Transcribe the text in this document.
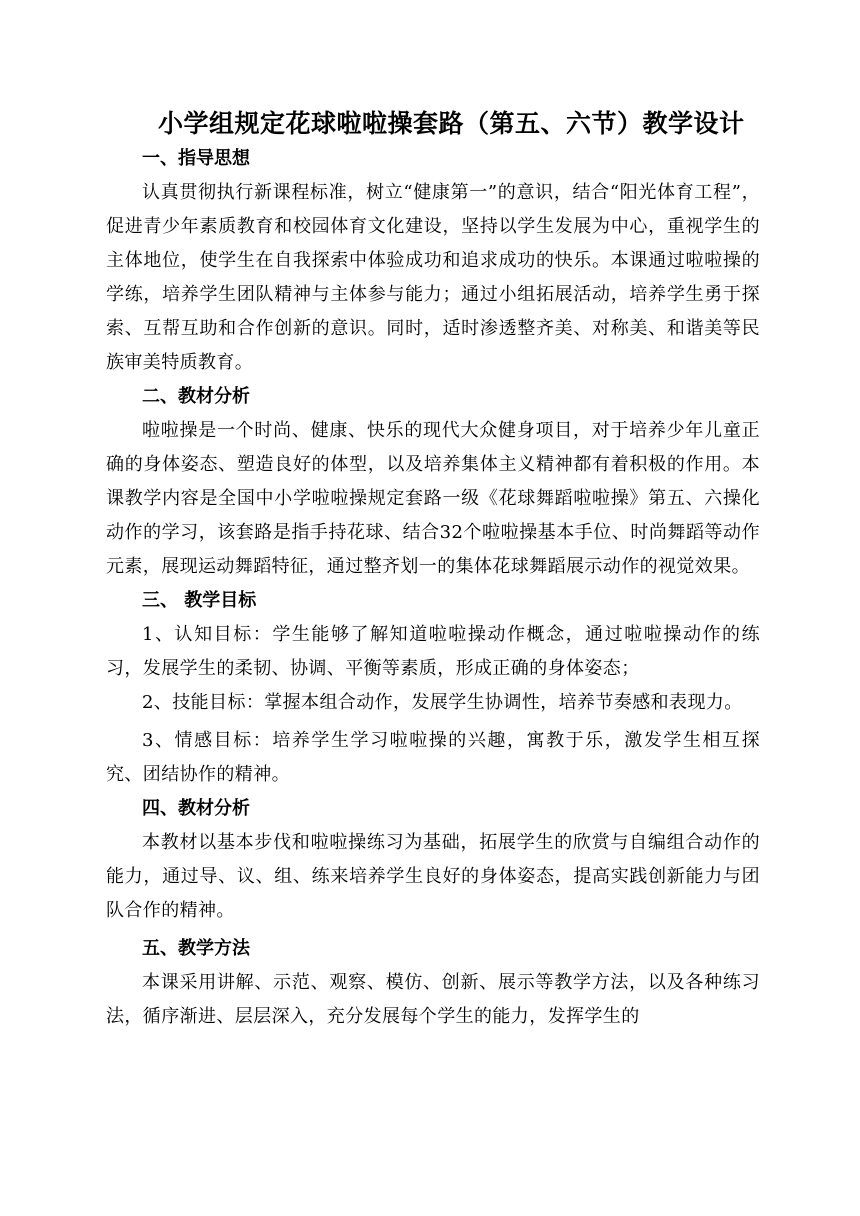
小学组规定花球啦啦操套路（第五、六节）教学设计
一、指导思想
认真贯彻执行新课程标准，树立“健康第一”的意识，结合“阳光体育工程”，促进青少年素质教育和校园体育文化建设，坚持以学生发展为中心，重视学生的主体地位，使学生在自我探索中体验成功和追求成功的快乐。本课通过啦啦操的学练，培养学生团队精神与主体参与能力；通过小组拓展活动，培养学生勇于探索、互帮互助和合作创新的意识。同时，适时渗透整齐美、对称美、和谐美等民族审美特质教育。
二、教材分析
啦啦操是一个时尚、健康、快乐的现代大众健身项目，对于培养少年儿童正确的身体姿态、塑造良好的体型，以及培养集体主义精神都有着积极的作用。本课教学内容是全国中小学啦啦操规定套路一级《花球舞蹈啦啦操》第五、六操化动作的学习，该套路是指手持花球、结合32个啦啦操基本手位、时尚舞蹈等动作元素，展现运动舞蹈特征，通过整齐划一的集体花球舞蹈展示动作的视觉效果。
三、 教学目标
1、认知目标：学生能够了解知道啦啦操动作概念，通过啦啦操动作的练习，发展学生的柔韧、协调、平衡等素质，形成正确的身体姿态；
2、技能目标：掌握本组合动作，发展学生协调性，培养节奏感和表现力。
3、情感目标：培养学生学习啦啦操的兴趣，寓教于乐，激发学生相互探究、团结协作的精神。
四、教材分析
本教材以基本步伐和啦啦操练习为基础，拓展学生的欣赏与自编组合动作的能力，通过导、议、组、练来培养学生良好的身体姿态，提高实践创新能力与团队合作的精神。
五、教学方法
本课采用讲解、示范、观察、模仿、创新、展示等教学方法，以及各种练习法，循序渐进、层层深入，充分发展每个学生的能力，发挥学生的
